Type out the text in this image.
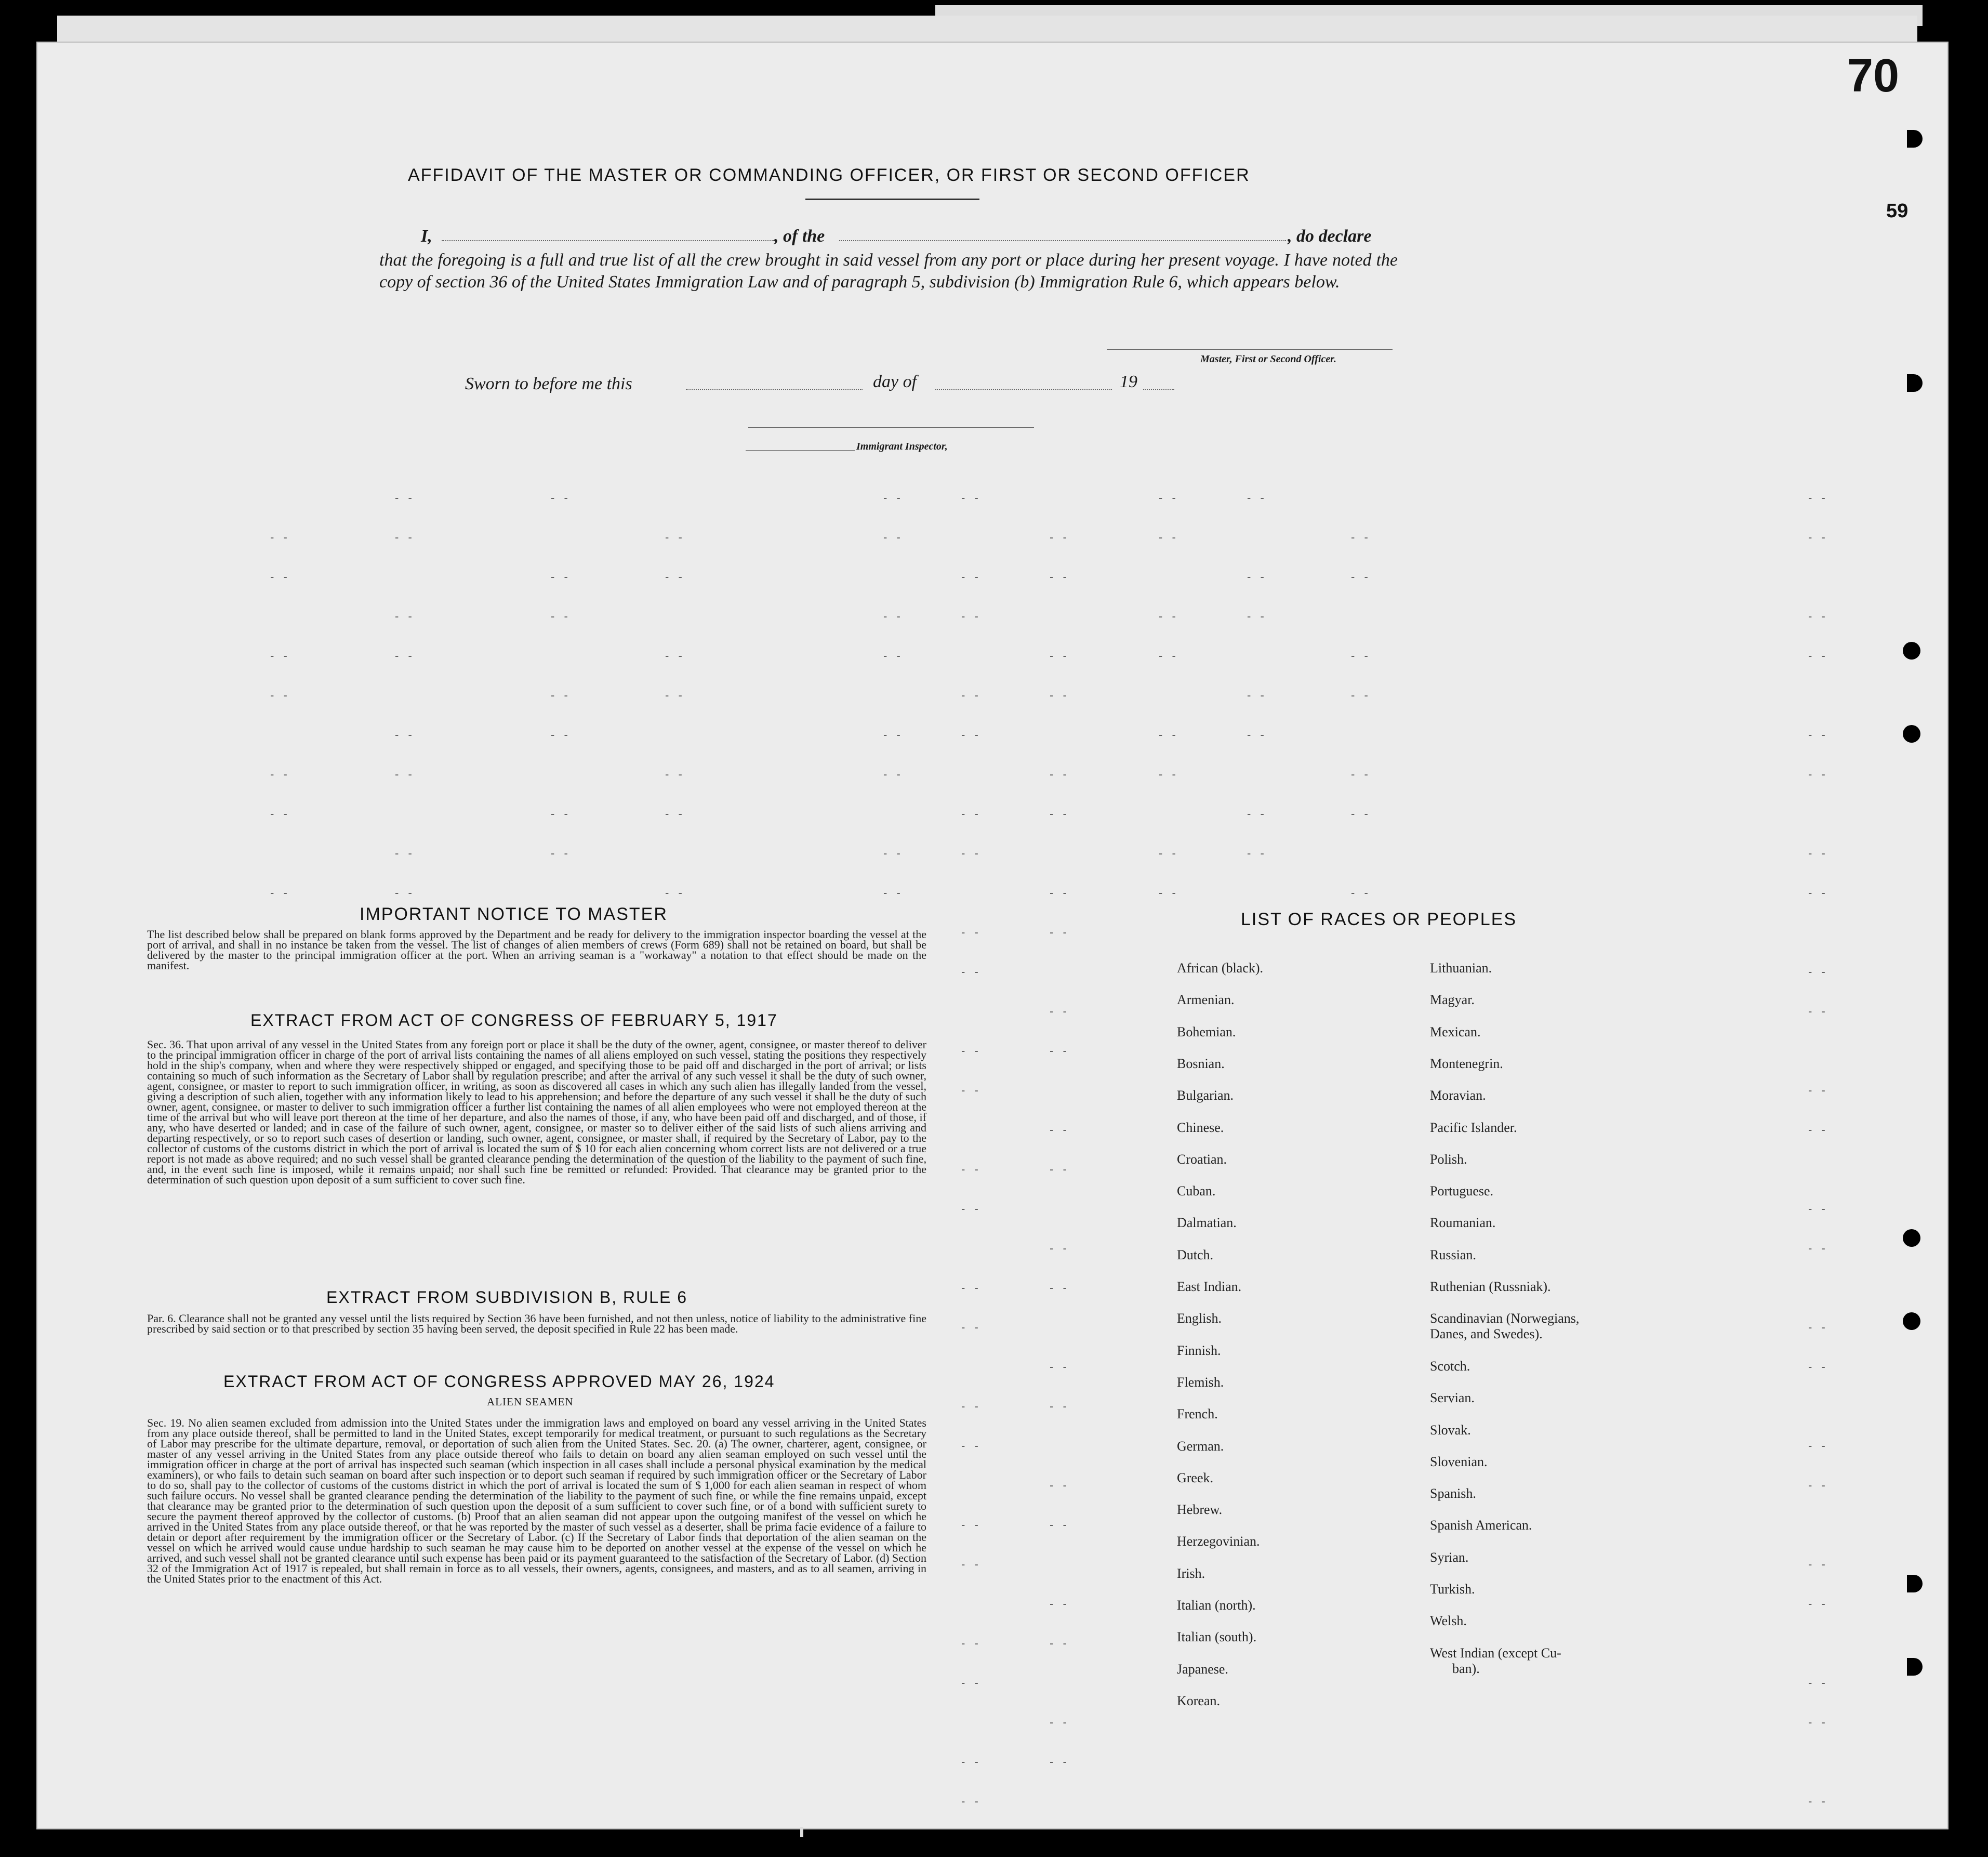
70
59
- -	- -	- -	- -	- -	- -	- -
- -	- -	- -	- -	- -	- -	- -	- -
- -	- -	- -	- -	- -	- -	- -
- -	- -	- -	- -	- -	- -	- -
- -	- -	- -	- -	- -	- -	- -	- -
- -	- -	- -	- -	- -	- -	- -
- -	- -	- -	- -	- -	- -	- -
- -	- -	- -	- -	- -	- -	- -	- -
- -	- -	- -	- -	- -	- -	- -
- -	- -	- -	- -	- -	- -	- -
- -	- -	- -	- -	- -	- -	- -	- -
- -	- -
- -	- -
- -	- -
- -	- -
- -	- -
- -	- -
- -	- -
- -	- -
- -	- -
- -	- -
- -	- -
- -	- -
- -	- -
- -	- -
- -	- -
- -	- -
- -	- -
- -	- -
- -	- -
- -	- -
- -	- -
- -	- -
- -	- -
AFFIDAVIT OF THE MASTER OR COMMANDING OFFICER, OR FIRST OR SECOND OFFICER
I,	, of the	, do declare
that the foregoing is a full and true list of all the crew brought in said vessel from any port or place during her present voyage. I have noted the copy of section 36 of the United States Immigration Law and of paragraph 5, subdivision (b) Immigration Rule 6, which appears below.
Master, First or Second Officer.
Sworn to before me this	day of	19
Immigrant Inspector,
IMPORTANT NOTICE TO MASTER
The list described below shall be prepared on blank forms approved by the Department and be ready for delivery to the immigration inspector boarding the vessel at the port of arrival, and shall in no instance be taken from the vessel. The list of changes of alien members of crews (Form 689) shall not be retained on board, but shall be delivered by the master to the principal immigration officer at the port. When an arriving seaman is a "workaway" a notation to that effect should be made on the manifest.
EXTRACT FROM ACT OF CONGRESS OF FEBRUARY 5, 1917
Sec. 36. That upon arrival of any vessel in the United States from any foreign port or place it shall be the duty of the owner, agent, consignee, or master thereof to deliver to the principal immigration officer in charge of the port of arrival lists containing the names of all aliens employed on such vessel, stating the positions they respectively hold in the ship's company, when and where they were respectively shipped or engaged, and specifying those to be paid off and discharged in the port of arrival; or lists containing so much of such information as the Secretary of Labor shall by regulation prescribe; and after the arrival of any such vessel it shall be the duty of such owner, agent, consignee, or master to report to such immigration officer, in writing, as soon as discovered all cases in which any such alien has illegally landed from the vessel, giving a description of such alien, together with any information likely to lead to his apprehension; and before the departure of any such vessel it shall be the duty of such owner, agent, consignee, or master to deliver to such immigration officer a further list containing the names of all alien employees who were not employed thereon at the time of the arrival but who will leave port thereon at the time of her departure, and also the names of those, if any, who have been paid off and discharged, and of those, if any, who have deserted or landed; and in case of the failure of such owner, agent, consignee, or master so to deliver either of the said lists of such aliens arriving and departing respectively, or so to report such cases of desertion or landing, such owner, agent, consignee, or master shall, if required by the Secretary of Labor, pay to the collector of customs of the customs district in which the port of arrival is located the sum of $ 10 for each alien concerning whom correct lists are not delivered or a true report is not made as above required; and no such vessel shall be granted clearance pending the determination of the question of the liability to the payment of such fine, and, in the event such fine is imposed, while it remains unpaid; nor shall such fine be remitted or refunded: Provided. That clearance may be granted prior to the determination of such question upon deposit of a sum sufficient to cover such fine.
EXTRACT FROM SUBDIVISION B, RULE 6
Par. 6. Clearance shall not be granted any vessel until the lists required by Section 36 have been furnished, and not then unless, notice of liability to the administrative fine prescribed by said section or to that prescribed by section 35 having been served, the deposit specified in Rule 22 has been made.
EXTRACT FROM ACT OF CONGRESS APPROVED MAY 26, 1924
ALIEN SEAMEN
Sec. 19. No alien seamen excluded from admission into the United States under the immigration laws and employed on board any vessel arriving in the United States from any place outside thereof, shall be permitted to land in the United States, except temporarily for medical treatment, or pursuant to such regulations as the Secretary of Labor may prescribe for the ultimate departure, removal, or deportation of such alien from the United States. Sec. 20. (a) The owner, charterer, agent, consignee, or master of any vessel arriving in the United States from any place outside thereof who fails to detain on board any alien seaman employed on such vessel until the immigration officer in charge at the port of arrival has inspected such seaman (which inspection in all cases shall include a personal physical examination by the medical examiners), or who fails to detain such seaman on board after such inspection or to deport such seaman if required by such immigration officer or the Secretary of Labor to do so, shall pay to the collector of customs of the customs district in which the port of arrival is located the sum of $ 1,000 for each alien seaman in respect of whom such failure occurs. No vessel shall be granted clearance pending the determination of the liability to the payment of such fine, or while the fine remains unpaid, except that clearance may be granted prior to the determination of such question upon the deposit of a sum sufficient to cover such fine, or of a bond with sufficient surety to secure the payment thereof approved by the collector of customs. (b) Proof that an alien seaman did not appear upon the outgoing manifest of the vessel on which he arrived in the United States from any place outside thereof, or that he was reported by the master of such vessel as a deserter, shall be prima facie evidence of a failure to detain or deport after requirement by the immigration officer or the Secretary of Labor. (c) If the Secretary of Labor finds that deportation of the alien seaman on the vessel on which he arrived would cause undue hardship to such seaman he may cause him to be deported on another vessel at the expense of the vessel on which he arrived, and such vessel shall not be granted clearance until such expense has been paid or its payment guaranteed to the satisfaction of the Secretary of Labor. (d) Section 32 of the Immigration Act of 1917 is repealed, but shall remain in force as to all vessels, their owners, agents, consignees, and masters, and as to all seamen, arriving in the United States prior to the enactment of this Act.
LIST OF RACES OR PEOPLES
African (black).
Armenian.
Bohemian.
Bosnian.
Bulgarian.
Chinese.
Croatian.
Cuban.
Dalmatian.
Dutch.
East Indian.
English.
Finnish.
Flemish.
French.
German.
Greek.
Hebrew.
Herzegovinian.
Irish.
Italian (north).
Italian (south).
Japanese.
Korean.
Lithuanian.
Magyar.
Mexican.
Montenegrin.
Moravian.
Pacific Islander.
Polish.
Portuguese.
Roumanian.
Russian.
Ruthenian (Russniak).
Scandinavian (Norwegians,
Danes, and Swedes).
Scotch.
Servian.
Slovak.
Slovenian.
Spanish.
Spanish American.
Syrian.
Turkish.
Welsh.
West Indian (except Cu-
ban).
